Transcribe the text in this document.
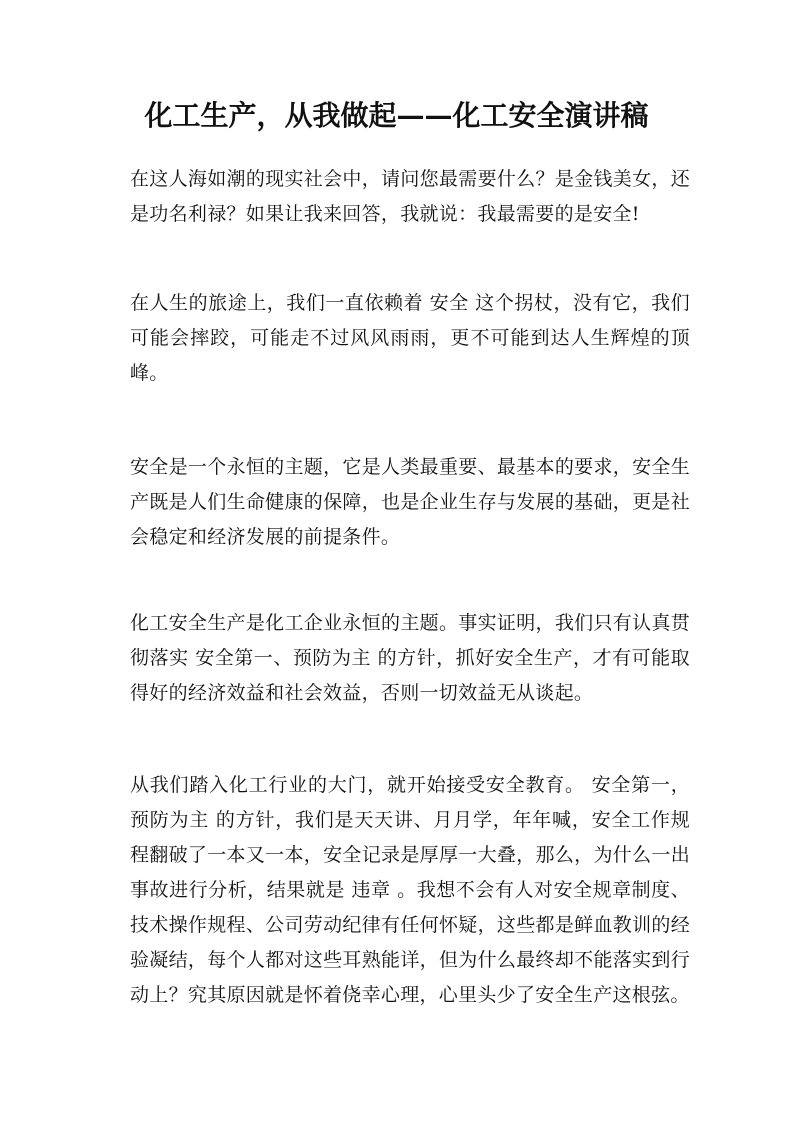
化工生产，从我做起——化工安全演讲稿
在这人海如潮的现实社会中，请问您最需要什么？是金钱美女，还是功名利禄？如果让我来回答，我就说：我最需要的是安全!
在人生的旅途上，我们一直依赖着 安全 这个拐杖，没有它，我们可能会摔跤，可能走不过风风雨雨，更不可能到达人生辉煌的顶峰。
安全是一个永恒的主题，它是人类最重要、最基本的要求，安全生产既是人们生命健康的保障，也是企业生存与发展的基础，更是社会稳定和经济发展的前提条件。
化工安全生产是化工企业永恒的主题。事实证明，我们只有认真贯彻落实 安全第一、预防为主 的方针，抓好安全生产，才有可能取得好的经济效益和社会效益，否则一切效益无从谈起。
从我们踏入化工行业的大门，就开始接受安全教育。 安全第一，预防为主 的方针，我们是天天讲、月月学，年年喊，安全工作规程翻破了一本又一本，安全记录是厚厚一大叠，那么，为什么一出事故进行分析，结果就是 违章 。我想不会有人对安全规章制度、技术操作规程、公司劳动纪律有任何怀疑，这些都是鲜血教训的经验凝结，每个人都对这些耳熟能详，但为什么最终却不能落实到行动上？究其原因就是怀着侥幸心理，心里头少了安全生产这根弦。
